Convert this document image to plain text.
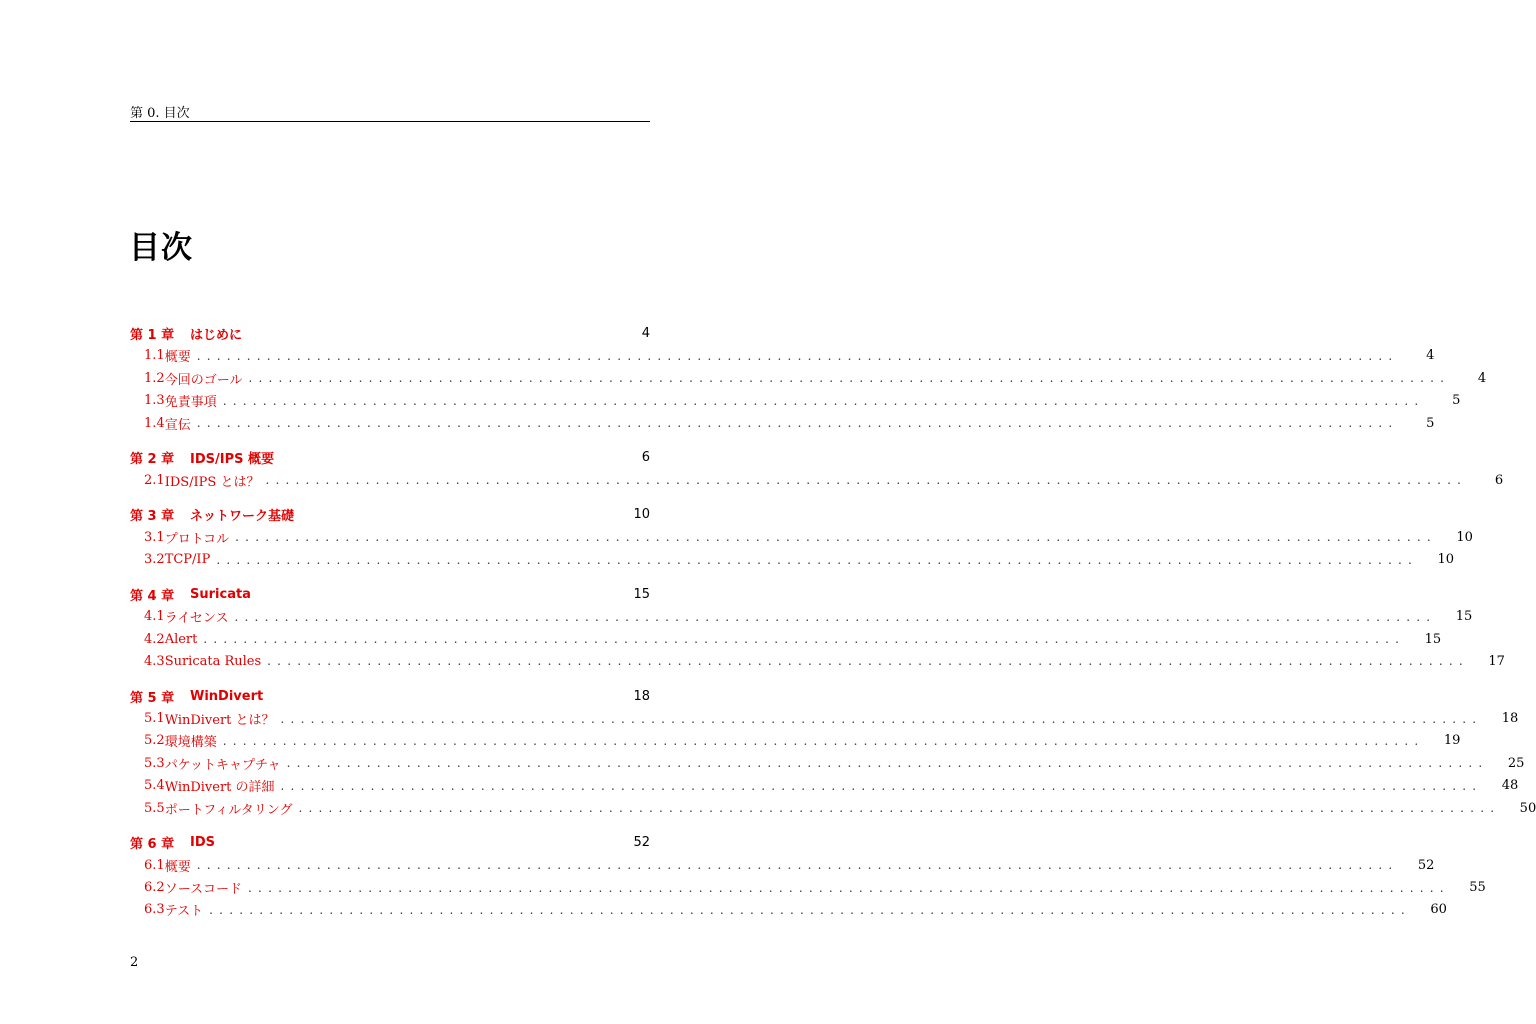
第 0. 目次
目次
第 1 章	はじめに	4
1.1 概要 ........................................................................................................................	4
1.2 今回のゴール ........................................................................................................................	4
1.3 免責事項 ........................................................................................................................	5
1.4 宣伝 ........................................................................................................................	5
第 2 章	IDS/IPS 概要	6
2.1 IDS/IPS とは？ ........................................................................................................................	6
第 3 章	ネットワーク基礎	10
3.1 プロトコル ........................................................................................................................	10
3.2 TCP/IP ........................................................................................................................	10
第 4 章	Suricata	15
4.1 ライセンス ........................................................................................................................	15
4.2 Alert ........................................................................................................................	15
4.3 Suricata Rules ........................................................................................................................	17
第 5 章	WinDivert	18
5.1 WinDivert とは？ ........................................................................................................................	18
5.2 環境構築 ........................................................................................................................	19
5.3 パケットキャプチャ ........................................................................................................................	25
5.4 WinDivert の詳細 ........................................................................................................................	48
5.5 ポートフィルタリング ........................................................................................................................	50
第 6 章	IDS	52
6.1 概要 ........................................................................................................................	52
6.2 ソースコード ........................................................................................................................	55
6.3 テスト ........................................................................................................................	60
2
